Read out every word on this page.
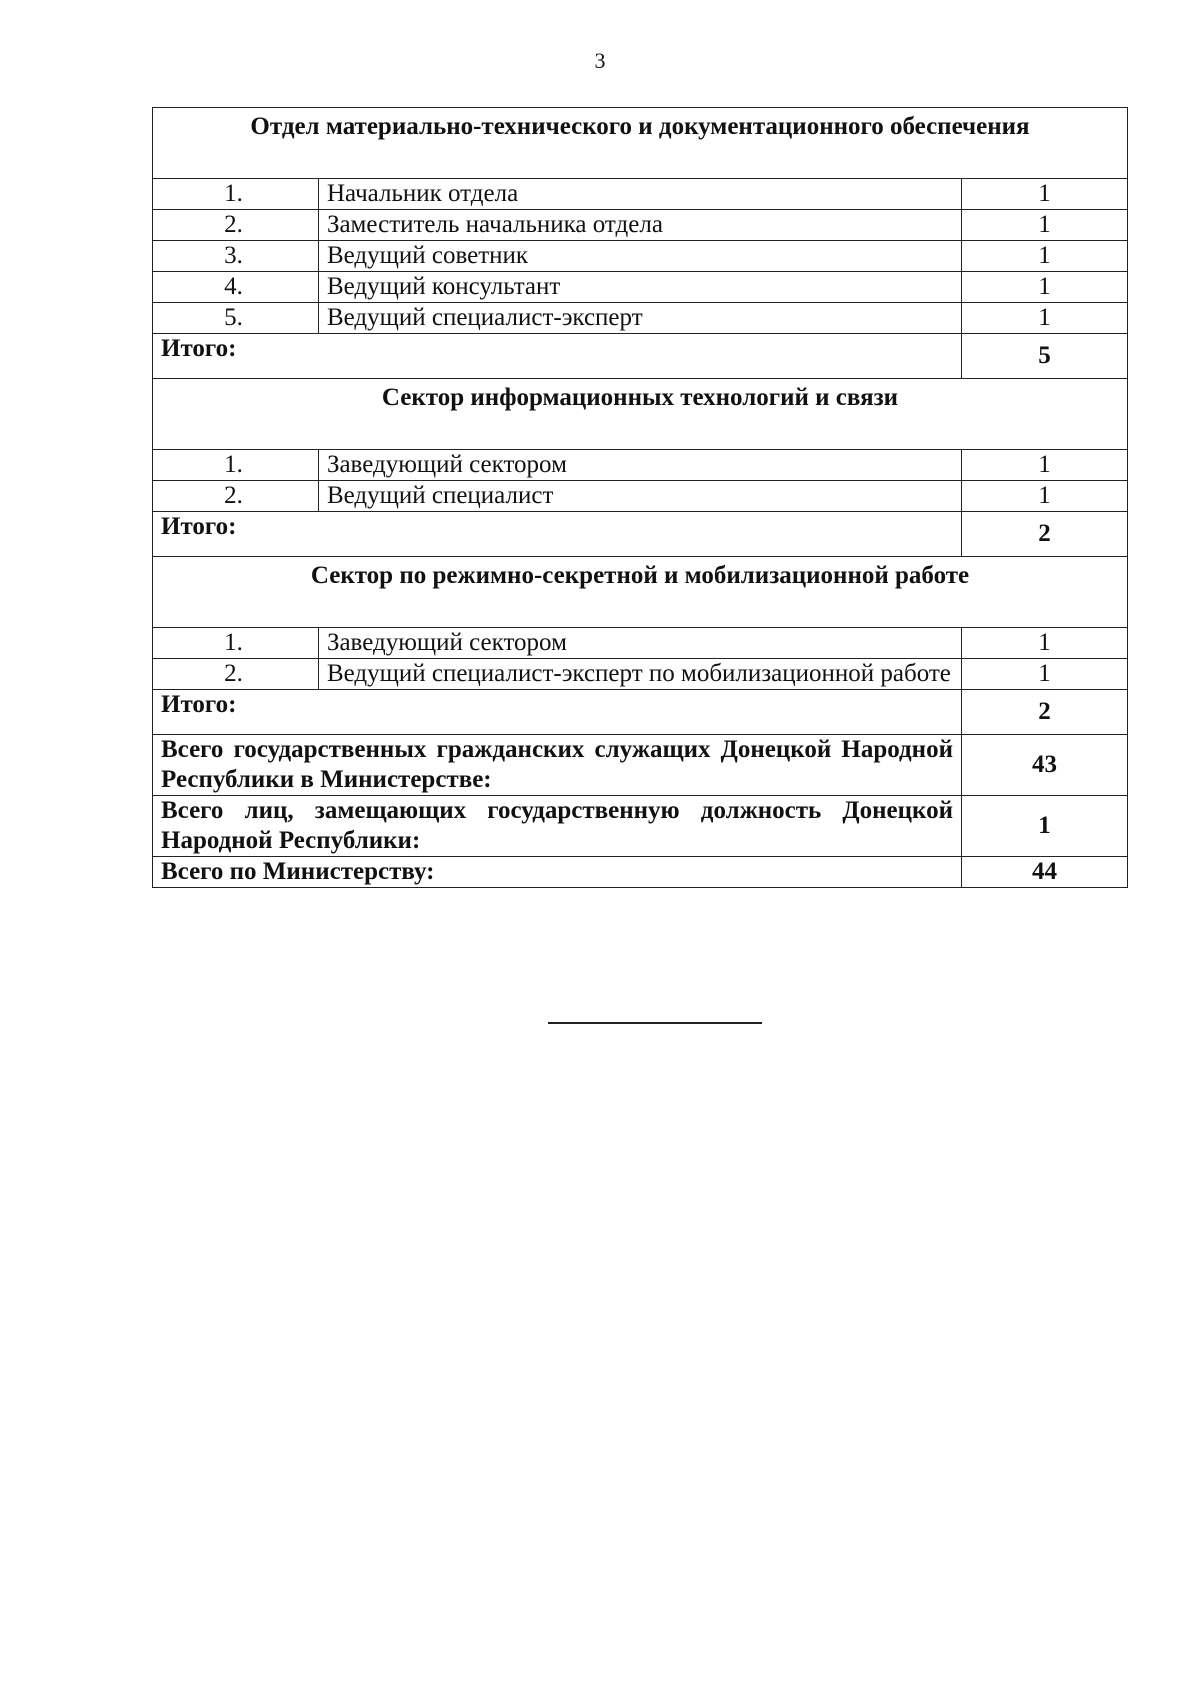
3
Отдел материально-технического и документационного обеспечения		
1.	Начальник отдела	1
2.	Заместитель начальника отдела	1
3.	Ведущий советник	1
4.	Ведущий консультант	1
5.	Ведущий специалист-эксперт	1
Итого:		5
Сектор информационных технологий и связи		
1.	Заведующий сектором	1
2.	Ведущий специалист	1
Итого:		2
Сектор по режимно-секретной и мобилизационной работе		
1.	Заведующий сектором	1
2.	Ведущий специалист-эксперт по мобилизационной работе	1
Итого:		2
Всего государственных гражданских служащих Донецкой Народной Республики в Министерстве:		43
Всего лиц, замещающих государственную должность Донецкой Народной Республики:		1
Всего по Министерству:		44
